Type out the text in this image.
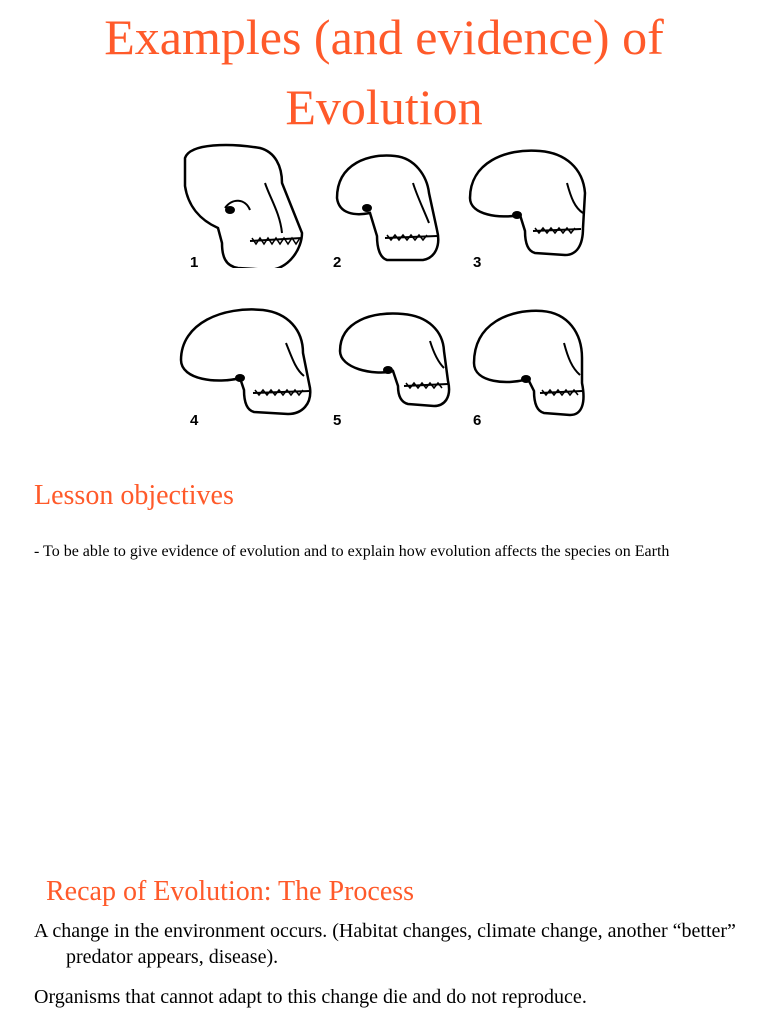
Examples (and evidence) of Evolution
1	2	3
4	5	6
Lesson objectives

- To be able to give evidence of evolution and to explain how evolution affects the species on Earth

Recap of Evolution: The Process

A change in the environment occurs. (Habitat changes, climate change, another “better” predator appears, disease).

Organisms that cannot adapt to this change die and do not reproduce.
